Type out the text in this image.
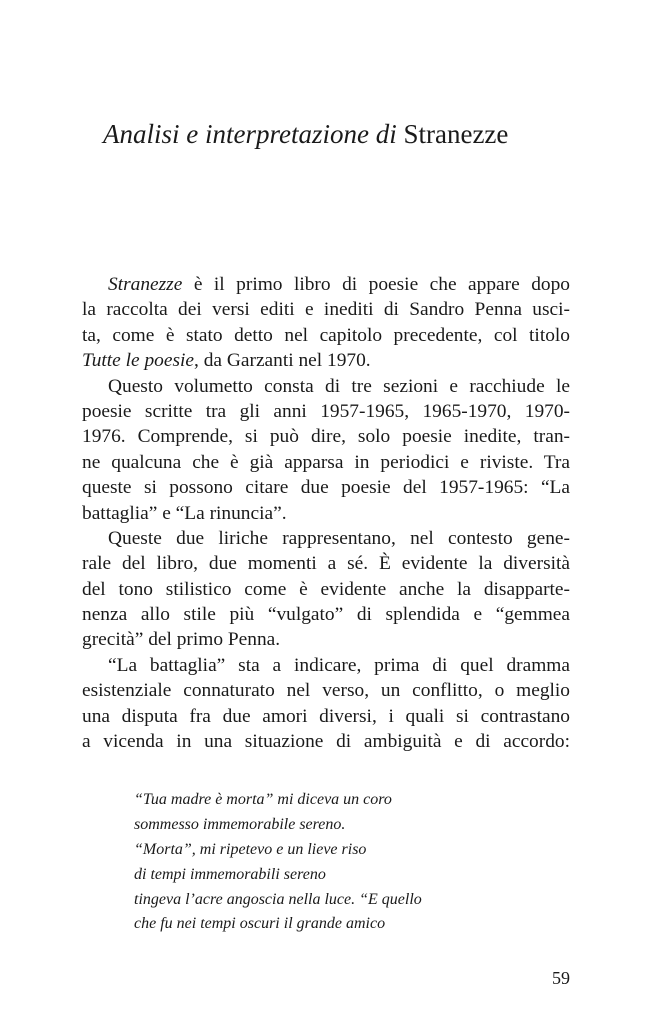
Analisi e interpretazione di Stranezze
Stranezze è il primo libro di poesie che appare dopo
la raccolta dei versi editi e inediti di Sandro Penna usci-
ta, come è stato detto nel capitolo precedente, col titolo
Tutte le poesie, da Garzanti nel 1970.
Questo volumetto consta di tre sezioni e racchiude le
poesie scritte tra gli anni 1957-1965, 1965-1970, 1970-
1976. Comprende, si può dire, solo poesie inedite, tran-
ne qualcuna che è già apparsa in periodici e riviste. Tra
queste si possono citare due poesie del 1957-1965: “La
battaglia” e “La rinuncia”.
Queste due liriche rappresentano, nel contesto gene-
rale del libro, due momenti a sé. È evidente la diversità
del tono stilistico come è evidente anche la disapparte-
nenza allo stile più “vulgato” di splendida e “gemmea
grecità” del primo Penna.
“La battaglia” sta a indicare, prima di quel dramma
esistenziale connaturato nel verso, un conflitto, o meglio
una disputa fra due amori diversi, i quali si contrastano
a vicenda in una situazione di ambiguità e di accordo:
“Tua madre è morta” mi diceva un coro
sommesso immemorabile sereno.
“Morta”, mi ripetevo e un lieve riso
di tempi immemorabili sereno
tingeva l’acre angoscia nella luce. “E quello
che fu nei tempi oscuri il grande amico
59
